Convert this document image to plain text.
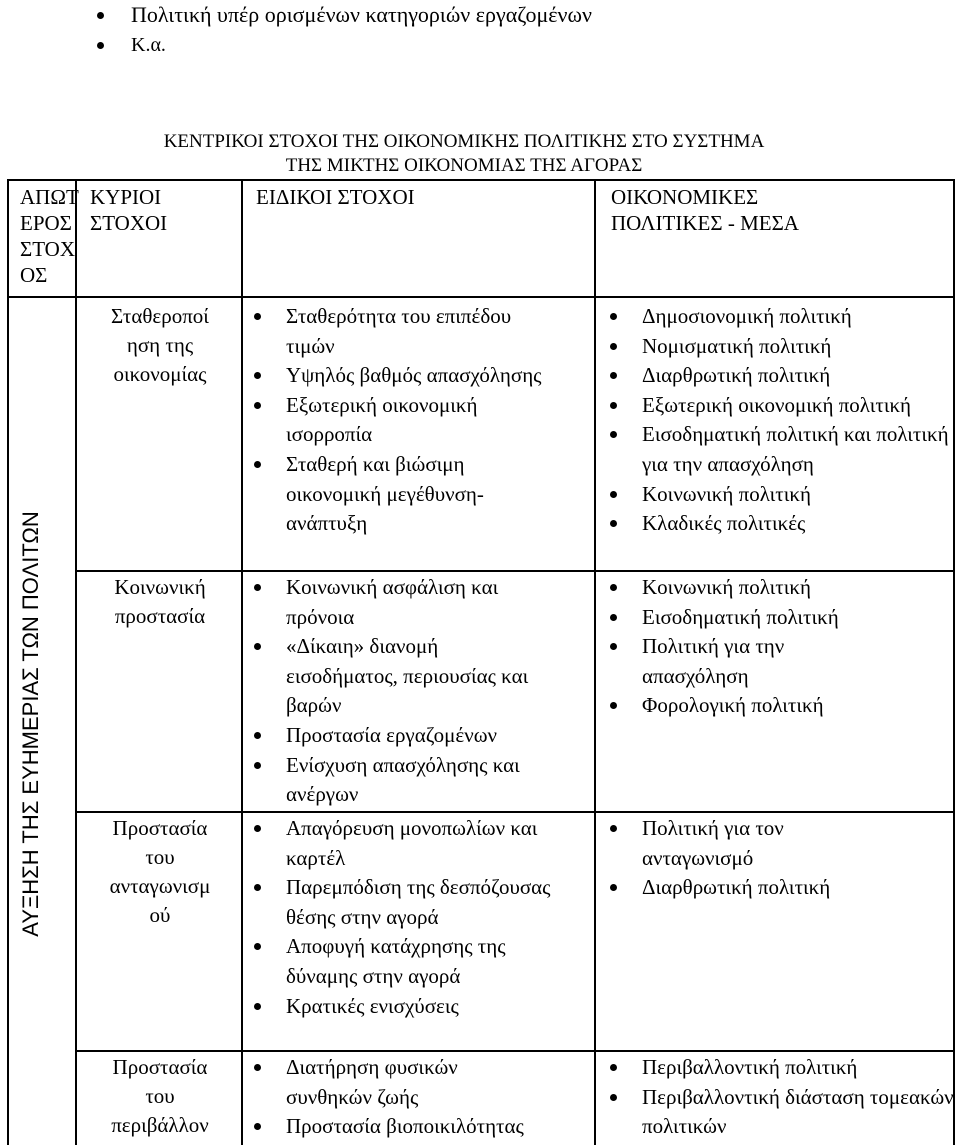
Πολιτική υπέρ ορισμένων κατηγοριών εργαζομένων
Κ.α.
ΚΕΝΤΡΙΚΟΙ ΣΤΟΧΟΙ ΤΗΣ ΟΙΚΟΝΟΜΙΚΗΣ ΠΟΛΙΤΙΚΗΣ ΣΤΟ ΣΥΣΤΗΜΑ
ΤΗΣ ΜΙΚΤΗΣ ΟΙΚΟΝΟΜΙΑΣ ΤΗΣ ΑΓΟΡΑΣ
ΑΠΩΤ
ΕΡΟΣ
ΣΤΟΧ
ΟΣ
ΚΥΡΙΟΙ
ΣΤΟΧΟΙ
ΕΙΔΙΚΟΙ ΣΤΟΧΟΙ	ΟΙΚΟΝΟΜΙΚΕΣ
ΠΟΛΙΤΙΚΕΣ - ΜΕΣΑ
ΑΥΞΗΣΗ ΤΗΣ ΕΥΗΜΕΡΙΑΣ ΤΩΝ ΠΟΛΙΤΩΝ
Σταθεροποί
ηση της
οικονομίας
Σταθερότητα του επιπέδου τιμών
Υψηλός βαθμός απασχόλησης
Εξωτερική οικονομική ισορροπία
Σταθερή και βιώσιμη οικονομική μεγέθυνση- ανάπτυξη
Δημοσιονομική πολιτική
Νομισματική πολιτική
Διαρθρωτική πολιτική
Εξωτερική οικονομική πολιτική
Εισοδηματική πολιτική και πολιτική για την απασχόληση
Κοινωνική πολιτική
Κλαδικές πολιτικές
Κοινωνική
προστασία
Κοινωνική ασφάλιση και πρόνοια
«Δίκαιη» διανομή εισοδήματος, περιουσίας και βαρών
Προστασία εργαζομένων
Ενίσχυση απασχόλησης και ανέργων
Κοινωνική πολιτική
Εισοδηματική πολιτική
Πολιτική για την απασχόληση
Φορολογική πολιτική
Προστασία
του
ανταγωνισμ
ού
Απαγόρευση μονοπωλίων και καρτέλ
Παρεμπόδιση της δεσπόζουσας θέσης στην αγορά
Αποφυγή κατάχρησης της δύναμης στην αγορά
Κρατικές ενισχύσεις
Πολιτική για τον ανταγωνισμό
Διαρθρωτική πολιτική
Προστασία
του
περιβάλλον
Διατήρηση φυσικών συνθηκών ζωής
Προστασία βιοποικιλότητας
Περιβαλλοντική πολιτική
Περιβαλλοντική διάσταση τομεακών πολιτικών
